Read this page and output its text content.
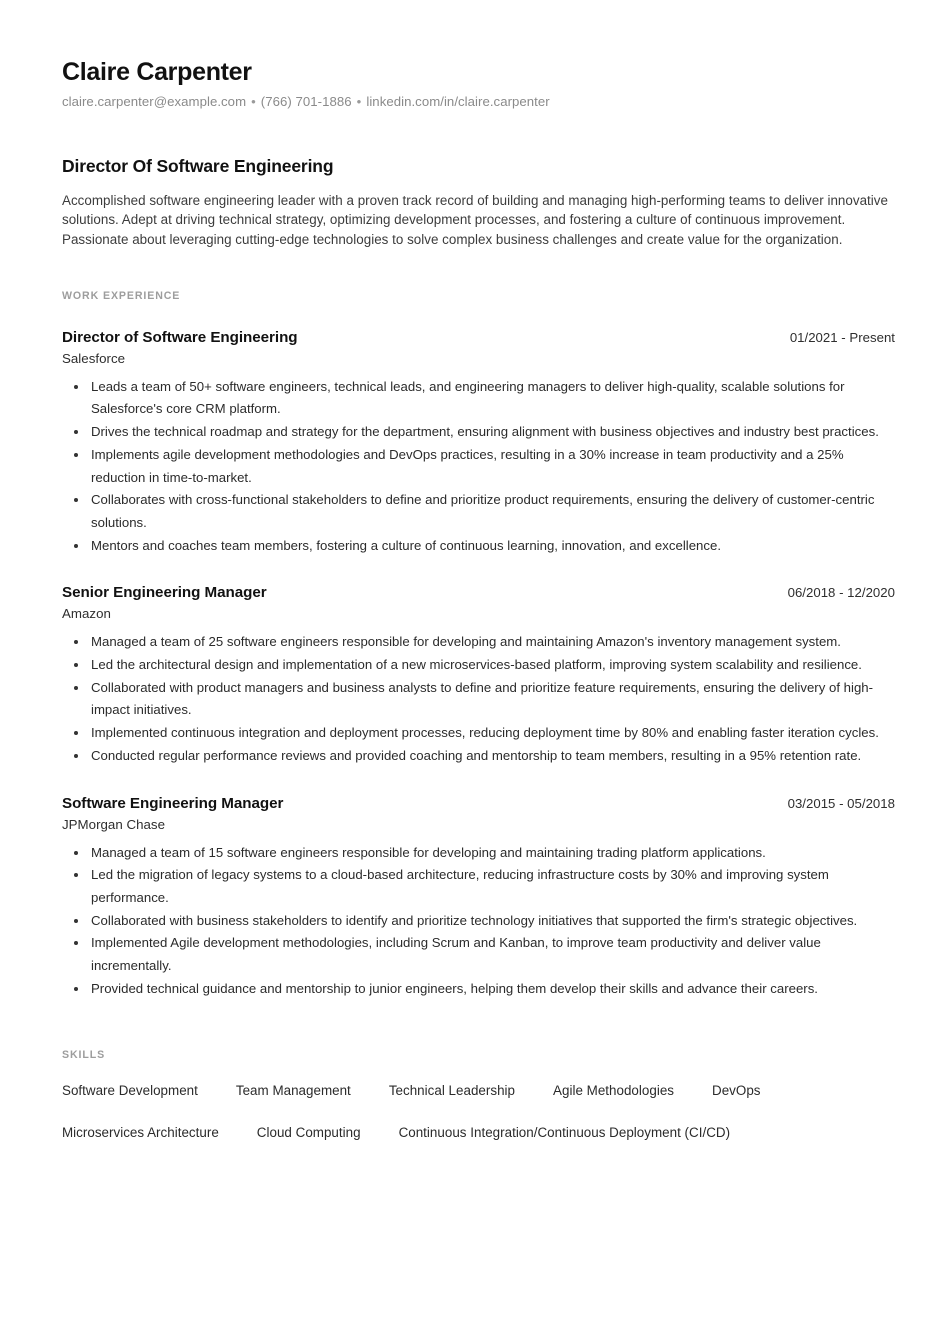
Claire Carpenter
claire.carpenter@example.com • (766) 701-1886 • linkedin.com/in/claire.carpenter
Director Of Software Engineering

Accomplished software engineering leader with a proven track record of building and managing high-performing teams to deliver innovative solutions. Adept at driving technical strategy, optimizing development processes, and fostering a culture of continuous improvement. Passionate about leveraging cutting-edge technologies to solve complex business challenges and create value for the organization.

WORK EXPERIENCE
Director of Software Engineering	01/2021 - Present
Salesforce
Leads a team of 50+ software engineers, technical leads, and engineering managers to deliver high-quality, scalable solutions for Salesforce's core CRM platform.
Drives the technical roadmap and strategy for the department, ensuring alignment with business objectives and industry best practices.
Implements agile development methodologies and DevOps practices, resulting in a 30% increase in team productivity and a 25% reduction in time-to-market.
Collaborates with cross-functional stakeholders to define and prioritize product requirements, ensuring the delivery of customer-centric solutions.
Mentors and coaches team members, fostering a culture of continuous learning, innovation, and excellence.
Senior Engineering Manager	06/2018 - 12/2020
Amazon
Managed a team of 25 software engineers responsible for developing and maintaining Amazon's inventory management system.
Led the architectural design and implementation of a new microservices-based platform, improving system scalability and resilience.
Collaborated with product managers and business analysts to define and prioritize feature requirements, ensuring the delivery of high-impact initiatives.
Implemented continuous integration and deployment processes, reducing deployment time by 80% and enabling faster iteration cycles.
Conducted regular performance reviews and provided coaching and mentorship to team members, resulting in a 95% retention rate.
Software Engineering Manager	03/2015 - 05/2018
JPMorgan Chase
Managed a team of 15 software engineers responsible for developing and maintaining trading platform applications.
Led the migration of legacy systems to a cloud-based architecture, reducing infrastructure costs by 30% and improving system performance.
Collaborated with business stakeholders to identify and prioritize technology initiatives that supported the firm's strategic objectives.
Implemented Agile development methodologies, including Scrum and Kanban, to improve team productivity and deliver value incrementally.
Provided technical guidance and mentorship to junior engineers, helping them develop their skills and advance their careers.
SKILLS
Software Development	Team Management	Technical Leadership	Agile Methodologies	DevOps
Microservices Architecture	Cloud Computing	Continuous Integration/Continuous Deployment (CI/CD)
